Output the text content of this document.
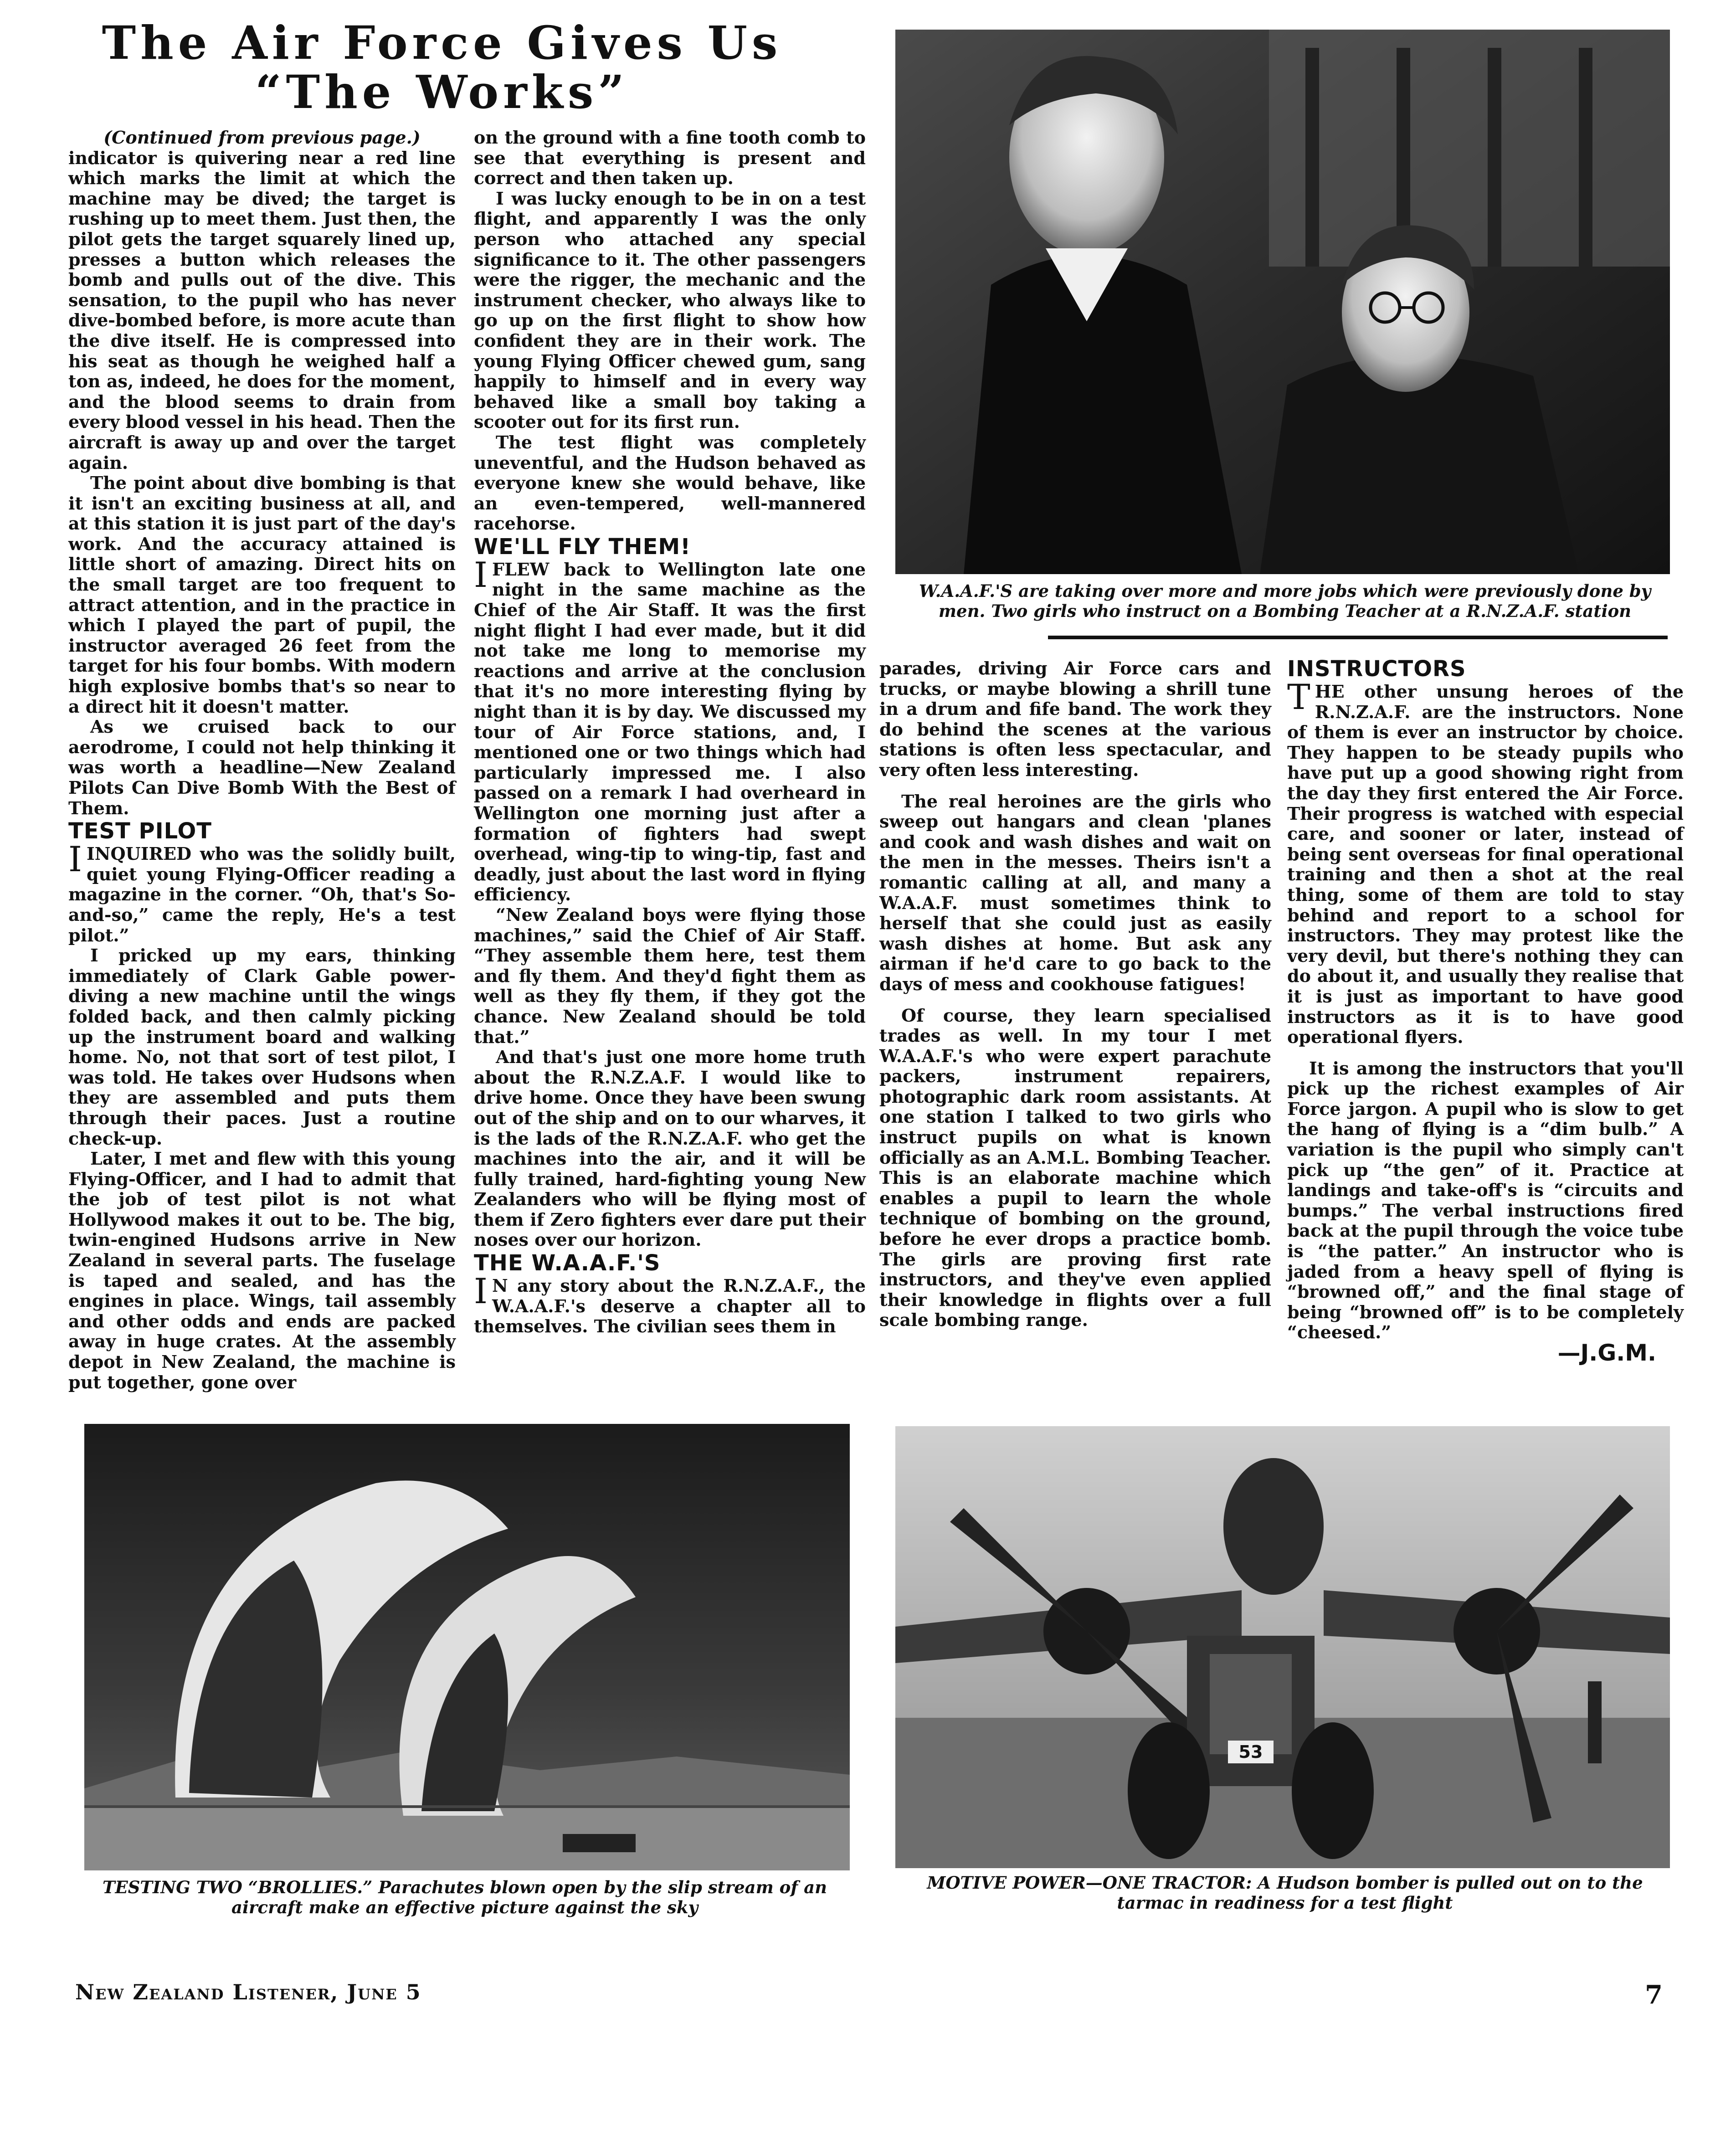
The Air Force Gives Us
“The Works”

(Continued from previous page.)

indicator is quivering near a red line which marks the limit at which the machine may be dived; the target is rushing up to meet them. Just then, the pilot gets the target squarely lined up, presses a button which releases the bomb and pulls out of the dive. This sensation, to the pupil who has never dive-bombed before, is more acute than the dive itself. He is compressed into his seat as though he weighed half a ton as, indeed, he does for the moment, and the blood seems to drain from every blood vessel in his head. Then the aircraft is away up and over the target again.

The point about dive bombing is that it isn't an exciting business at all, and at this station it is just part of the day's work. And the accuracy attained is little short of amazing. Direct hits on the small target are too frequent to attract attention, and in the practice in which I played the part of pupil, the instructor averaged 26 feet from the target for his four bombs. With modern high explosive bombs that's so near to a direct hit it doesn't matter.

As we cruised back to our aerodrome, I could not help thinking it was worth a headline—New Zealand Pilots Can Dive Bomb With the Best of Them.

TEST PILOT

IINQUIRED who was the solidly built, quiet young Flying-Officer reading a magazine in the corner. “Oh, that's So-and-so,” came the reply, He's a test pilot.”

I pricked up my ears, thinking immediately of Clark Gable power-diving a new machine until the wings folded back, and then calmly picking up the instrument board and walking home. No, not that sort of test pilot, I was told. He takes over Hudsons when they are assembled and puts them through their paces. Just a routine check-up.

Later, I met and flew with this young Flying-Officer, and I had to admit that the job of test pilot is not what Hollywood makes it out to be. The big, twin-engined Hudsons arrive in New Zealand in several parts. The fuselage is taped and sealed, and has the engines in place. Wings, tail assembly and other odds and ends are packed away in huge crates. At the assembly depot in New Zealand, the machine is put together, gone over

on the ground with a fine tooth comb to see that everything is present and correct and then taken up.

I was lucky enough to be in on a test flight, and apparently I was the only person who attached any special significance to it. The other passengers were the rigger, the mechanic and the instrument checker, who always like to go up on the first flight to show how confident they are in their work. The young Flying Officer chewed gum, sang happily to himself and in every way behaved like a small boy taking a scooter out for its first run.

The test flight was completely uneventful, and the Hudson behaved as everyone knew she would behave, like an even-tempered, well-mannered racehorse.

WE'LL FLY THEM!

IFLEW back to Wellington late one night in the same machine as the Chief of the Air Staff. It was the first night flight I had ever made, but it did not take me long to memorise my reactions and arrive at the conclusion that it's no more interesting flying by night than it is by day. We discussed my tour of Air Force stations, and, I mentioned one or two things which had particularly impressed me. I also passed on a remark I had overheard in Wellington one morning just after a formation of fighters had swept overhead, wing-tip to wing-tip, fast and deadly, just about the last word in flying efficiency.

“New Zealand boys were flying those machines,” said the Chief of Air Staff. “They assemble them here, test them and fly them. And they'd fight them as well as they fly them, if they got the chance. New Zealand should be told that.”

And that's just one more home truth about the R.N.Z.A.F. I would like to drive home. Once they have been swung out of the ship and on to our wharves, it is the lads of the R.N.Z.A.F. who get the machines into the air, and it will be fully trained, hard-fighting young New Zealanders who will be flying most of them if Zero fighters ever dare put their noses over our horizon.

THE W.A.A.F.'S

I N any story about the R.N.Z.A.F., the W.A.A.F.'s deserve a chapter all to themselves. The civilian sees them in

W.A.A.F.'S are taking over more and more jobs which were previously done by men. Two girls who instruct on a Bombing Teacher at a R.N.Z.A.F. station

parades, driving Air Force cars and trucks, or maybe blowing a shrill tune in a drum and fife band. The work they do behind the scenes at the various stations is often less spectacular, and very often less interesting.

The real heroines are the girls who sweep out hangars and clean 'planes and cook and wash dishes and wait on the men in the messes. Theirs isn't a romantic calling at all, and many a W.A.A.F. must sometimes think to herself that she could just as easily wash dishes at home. But ask any airman if he'd care to go back to the days of mess and cookhouse fatigues!

Of course, they learn specialised trades as well. In my tour I met W.A.A.F.'s who were expert parachute packers, instrument repairers, photographic dark room assistants. At one station I talked to two girls who instruct pupils on what is known officially as an A.M.L. Bombing Teacher. This is an elaborate machine which enables a pupil to learn the whole technique of bombing on the ground, before he ever drops a practice bomb. The girls are proving first rate instructors, and they've even applied their knowledge in flights over a full scale bombing range.

INSTRUCTORS

THE other unsung heroes of the R.N.Z.A.F. are the instructors. None of them is ever an instructor by choice. They happen to be steady pupils who have put up a good showing right from the day they first entered the Air Force. Their progress is watched with especial care, and sooner or later, instead of being sent overseas for final operational training and then a shot at the real thing, some of them are told to stay behind and report to a school for instructors. They may protest like the very devil, but there's nothing they can do about it, and usually they realise that it is just as important to have good instructors as it is to have good operational flyers.

It is among the instructors that you'll pick up the richest examples of Air Force jargon. A pupil who is slow to get the hang of flying is a “dim bulb.” A variation is the pupil who simply can't pick up “the gen” of it. Practice at landings and take-off's is “circuits and bumps.” The verbal instructions fired back at the pupil through the voice tube is “the patter.” An instructor who is jaded from a heavy spell of flying is “browned off,” and the final stage of being “browned off” is to be completely “cheesed.”

—J.G.M.

TESTING TWO “BROLLIES.” Parachutes blown open by the slip stream of an aircraft make an effective picture against the sky
53
MOTIVE POWER—ONE TRACTOR: A Hudson bomber is pulled out on to the tarmac in readiness for a test flight
New Zealand Listener, June 5	7
